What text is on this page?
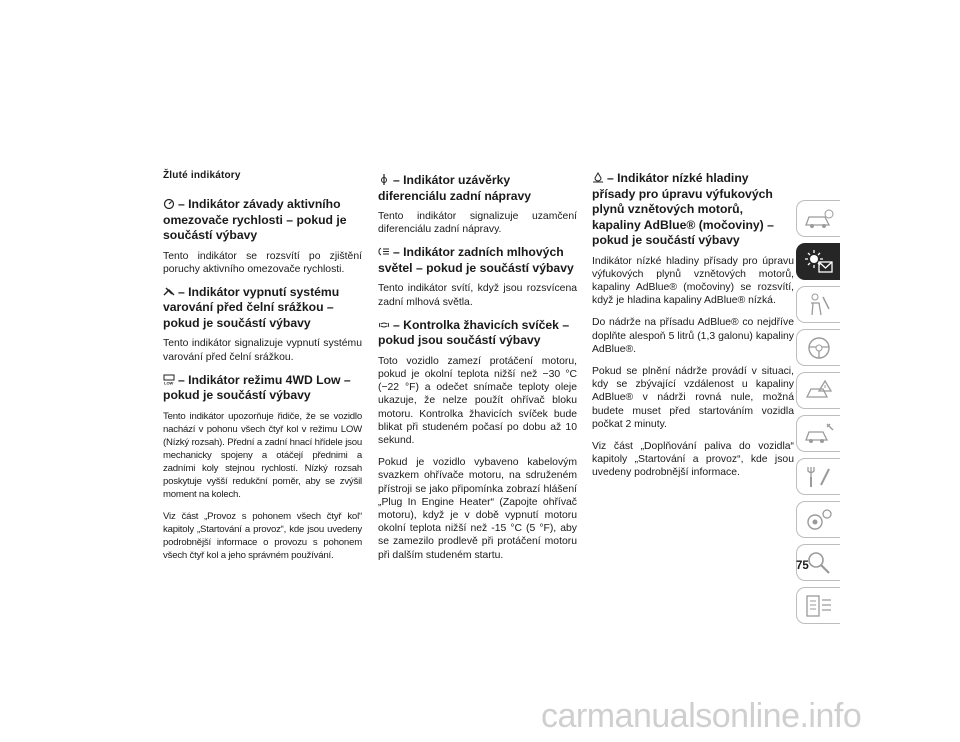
Žluté indikátory
– Indikátor závady aktivního omezovače rychlosti – pokud je součástí výbavy

Tento indikátor se rozsvítí po zjištění poruchy aktivního omezovače rychlosti.

– Indikátor vypnutí systému varování před čelní srážkou – pokud je součástí výbavy

Tento indikátor signalizuje vypnutí systému varování před čelní srážkou.

LOW – Indikátor režimu 4WD Low – pokud je součástí výbavy

Tento indikátor upozorňuje řidiče, že se vozidlo nachází v pohonu všech čtyř kol v režimu LOW (Nízký rozsah). Přední a zadní hnací hřídele jsou mechanicky spojeny a otáčejí přednimi a zadními koly stejnou rychlostí. Nízký rozsah poskytuje vyšší redukční poměr, aby se zvýšil moment na kolech.

Viz část „Provoz s pohonem všech čtyř kol“ kapitoly „Startování a provoz“, kde jsou uvedeny podrobnější informace o provozu s pohonem všech čtyř kol a jeho správném používání.

– Indikátor uzávěrky diferenciálu zadní nápravy

Tento indikátor signalizuje uzamčení diferenciálu zadní nápravy.

– Indikátor zadních mlhových světel – pokud je součástí výbavy

Tento indikátor svítí, když jsou rozsvícena zadní mlhová světla.

– Kontrolka žhavicích svíček – pokud jsou součástí výbavy

Toto vozidlo zamezí protáčení motoru, pokud je okolní teplota nižší než −30 °C (−22 °F) a odečet snímače teploty oleje ukazuje, že nelze použít ohřívač bloku motoru. Kontrolka žhavicích svíček bude blikat při studeném počasí po dobu až 10 sekund.

Pokud je vozidlo vybaveno kabelovým svazkem ohřívače motoru, na sdruženém přístroji se jako připomínka zobrazí hlášení „Plug In Engine Heater“ (Zapojte ohřívač motoru), když je v době vypnutí motoru okolní teplota nižší než -15 °C (5 °F), aby se zamezilo prodlevě při protáčení motoru při dalším studeném startu.

– Indikátor nízké hladiny přísady pro úpravu výfukových plynů vznětových motorů, kapaliny AdBlue® (močoviny) – pokud je součástí výbavy

Indikátor nízké hladiny přísady pro úpravu výfukových plynů vznětových motorů, kapaliny AdBlue® (močoviny) se rozsvítí, když je hladina kapaliny AdBlue® nízká.

Do nádrže na přísadu AdBlue® co nejdříve doplňte alespoň 5 litrů (1,3 galonu) kapaliny AdBlue®.

Pokud se plnění nádrže provádí v situaci, kdy se zbývající vzdálenost u kapaliny AdBlue® v nádrži rovná nule, možná budete muset před startováním vozidla počkat 2 minuty.

Viz část „Doplňování paliva do vozidla“ kapitoly „Startování a provoz“, kde jsou uvedeny podrobnější informace.

75
carmanualsonline.info
